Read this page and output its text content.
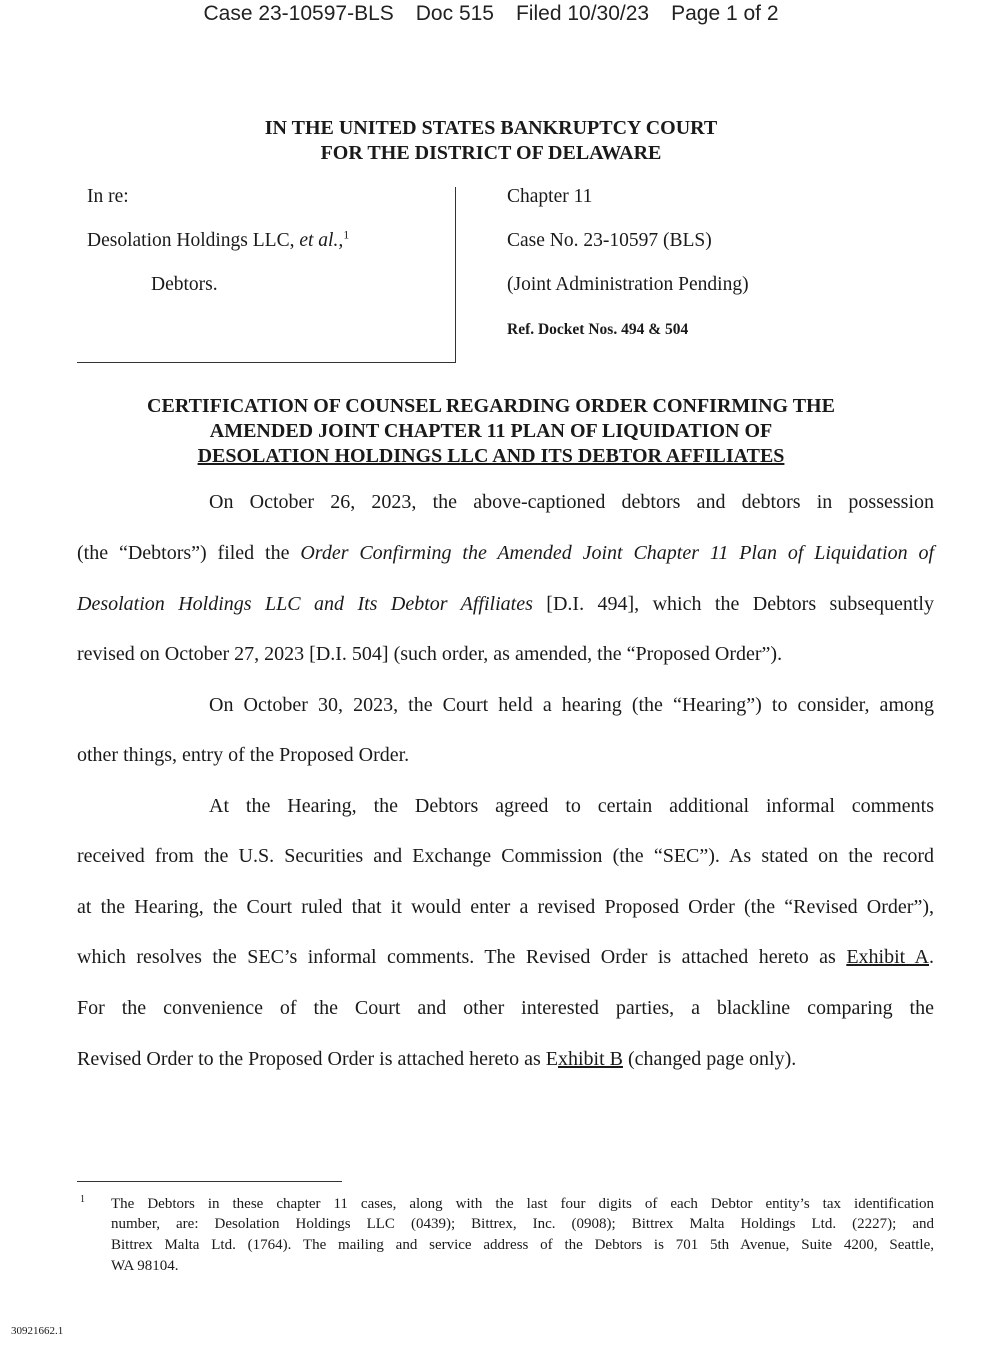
Case 23-10597-BLS Doc 515 Filed 10/30/23 Page 1 of 2
IN THE UNITED STATES BANKRUPTCY COURT
FOR THE DISTRICT OF DELAWARE
In re:
Desolation Holdings LLC, et al.,$^1$
Debtors.
Chapter 11
Case No. 23-10597 (BLS)
(Joint Administration Pending)
Ref. Docket Nos. 494 & 504
CERTIFICATION OF COUNSEL REGARDING ORDER CONFIRMING THE
AMENDED JOINT CHAPTER 11 PLAN OF LIQUIDATION OF
DESOLATION HOLDINGS LLC AND ITS DEBTOR AFFILIATES
On October 26, 2023, the above-captioned debtors and debtors in possession
(the “Debtors”) filed the Order Confirming the Amended Joint Chapter 11 Plan of Liquidation of
Desolation Holdings LLC and Its Debtor Affiliates [D.I. 494], which the Debtors subsequently
revised on October 27, 2023 [D.I. 504] (such order, as amended, the “Proposed Order”).
On October 30, 2023, the Court held a hearing (the “Hearing”) to consider, among
other things, entry of the Proposed Order.
At the Hearing, the Debtors agreed to certain additional informal comments
received from the U.S. Securities and Exchange Commission (the “SEC”). As stated on the record
at the Hearing, the Court ruled that it would enter a revised Proposed Order (the “Revised Order”),
which resolves the SEC’s informal comments. The Revised Order is attached hereto as Exhibit A.
For the convenience of the Court and other interested parties, a blackline comparing the
Revised Order to the Proposed Order is attached hereto as Exhibit B (changed page only).
1 The Debtors in these chapter 11 cases, along with the last four digits of each Debtor entity’s tax identification
number, are: Desolation Holdings LLC (0439); Bittrex, Inc. (0908); Bittrex Malta Holdings Ltd. (2227); and
Bittrex Malta Ltd. (1764). The mailing and service address of the Debtors is 701 5th Avenue, Suite 4200, Seattle,
WA 98104.
30921662.1
